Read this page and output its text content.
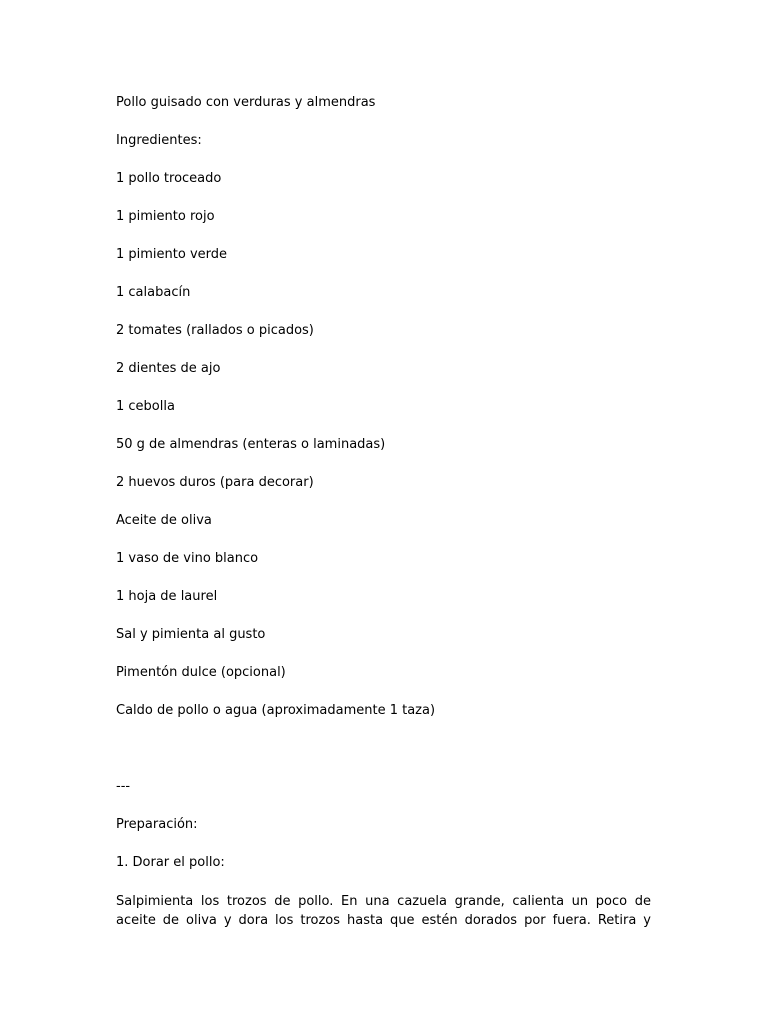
Pollo guisado con verduras y almendras
Ingredientes:
1 pollo troceado
1 pimiento rojo
1 pimiento verde
1 calabacín
2 tomates (rallados o picados)
2 dientes de ajo
1 cebolla
50 g de almendras (enteras o laminadas)
2 huevos duros (para decorar)
Aceite de oliva
1 vaso de vino blanco
1 hoja de laurel
Sal y pimienta al gusto
Pimentón dulce (opcional)
Caldo de pollo o agua (aproximadamente 1 taza)
---
Preparación:
1. Dorar el pollo:

Salpimienta los trozos de pollo. En una cazuela grande, calienta un poco de

aceite de oliva y dora los trozos hasta que estén dorados por fuera. Retira y
